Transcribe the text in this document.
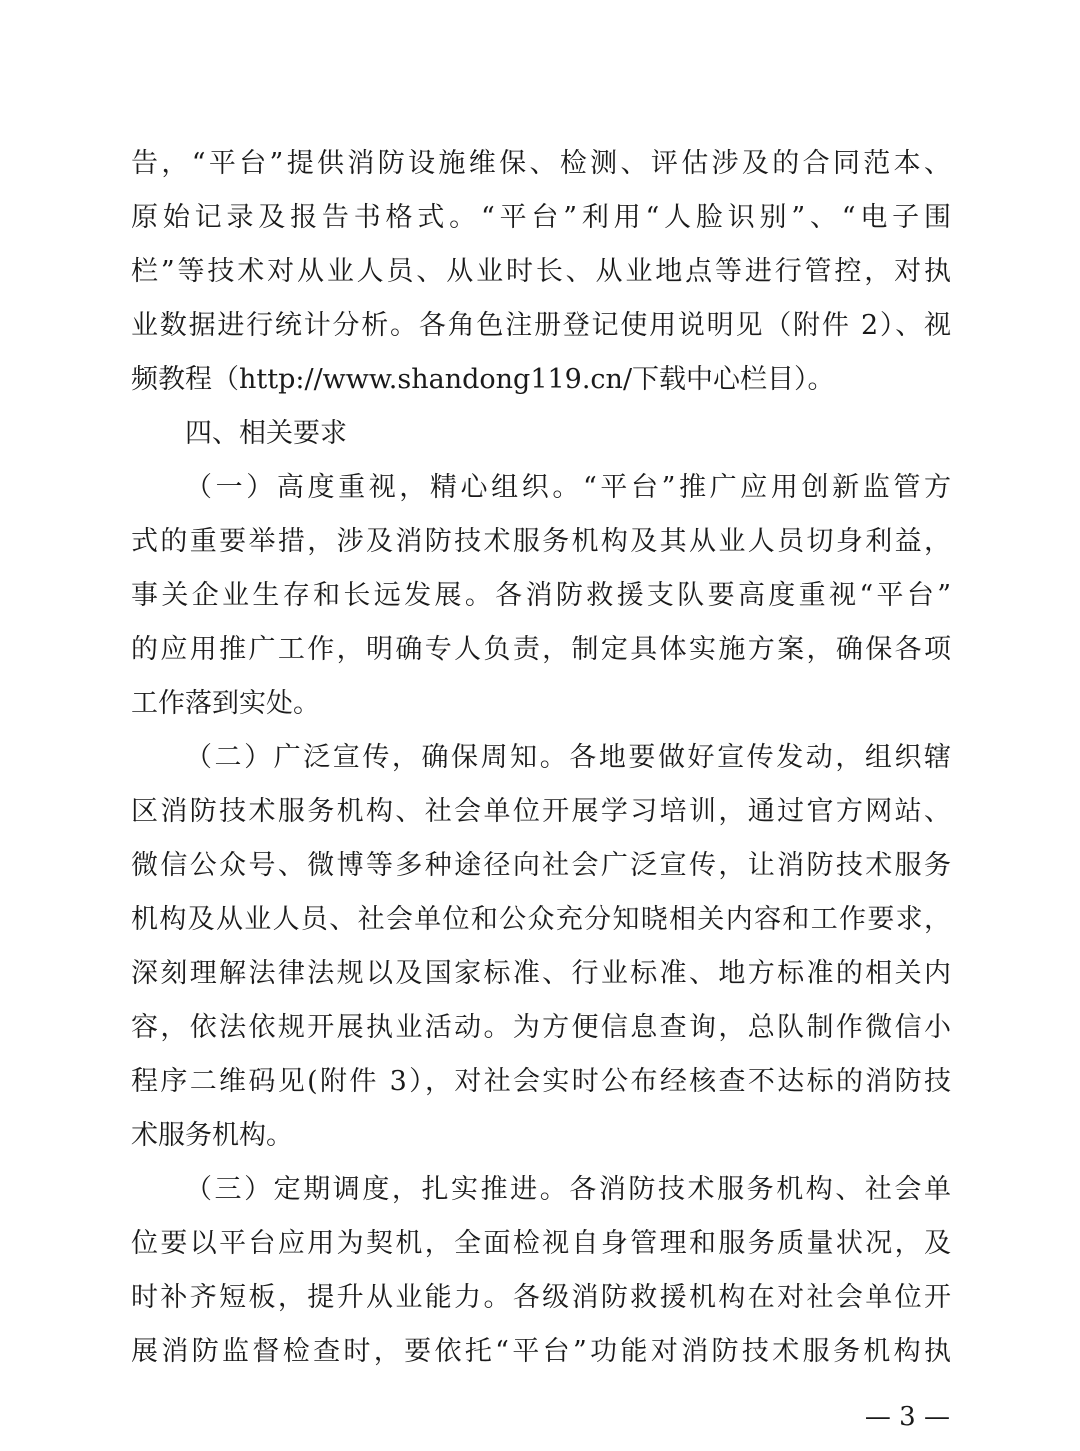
告，“平台”提供消防设施维保、检测、评估涉及的合同范本、
原始记录及报告书格式。“平台”利用“人脸识别”、“电子围
栏”等技术对从业人员、从业时长、从业地点等进行管控，对执
业数据进行统计分析。各角色注册登记使用说明见（附件 2）、视
频教程（http://www.shandong119.cn/下载中心栏目）。
四、相关要求
（一）高度重视，精心组织。“平台”推广应用创新监管方
式的重要举措，涉及消防技术服务机构及其从业人员切身利益，
事关企业生存和长远发展。各消防救援支队要高度重视“平台”
的应用推广工作，明确专人负责，制定具体实施方案，确保各项
工作落到实处。
（二）广泛宣传，确保周知。各地要做好宣传发动，组织辖
区消防技术服务机构、社会单位开展学习培训，通过官方网站、
微信公众号、微博等多种途径向社会广泛宣传，让消防技术服务
机构及从业人员、社会单位和公众充分知晓相关内容和工作要求，
深刻理解法律法规以及国家标准、行业标准、地方标准的相关内
容，依法依规开展执业活动。为方便信息查询，总队制作微信小
程序二维码见(附件 3），对社会实时公布经核查不达标的消防技
术服务机构。
（三）定期调度，扎实推进。各消防技术服务机构、社会单
位要以平台应用为契机，全面检视自身管理和服务质量状况，及
时补齐短板，提升从业能力。各级消防救援机构在对社会单位开
展消防监督检查时，要依托“平台”功能对消防技术服务机构执
— 3 —
